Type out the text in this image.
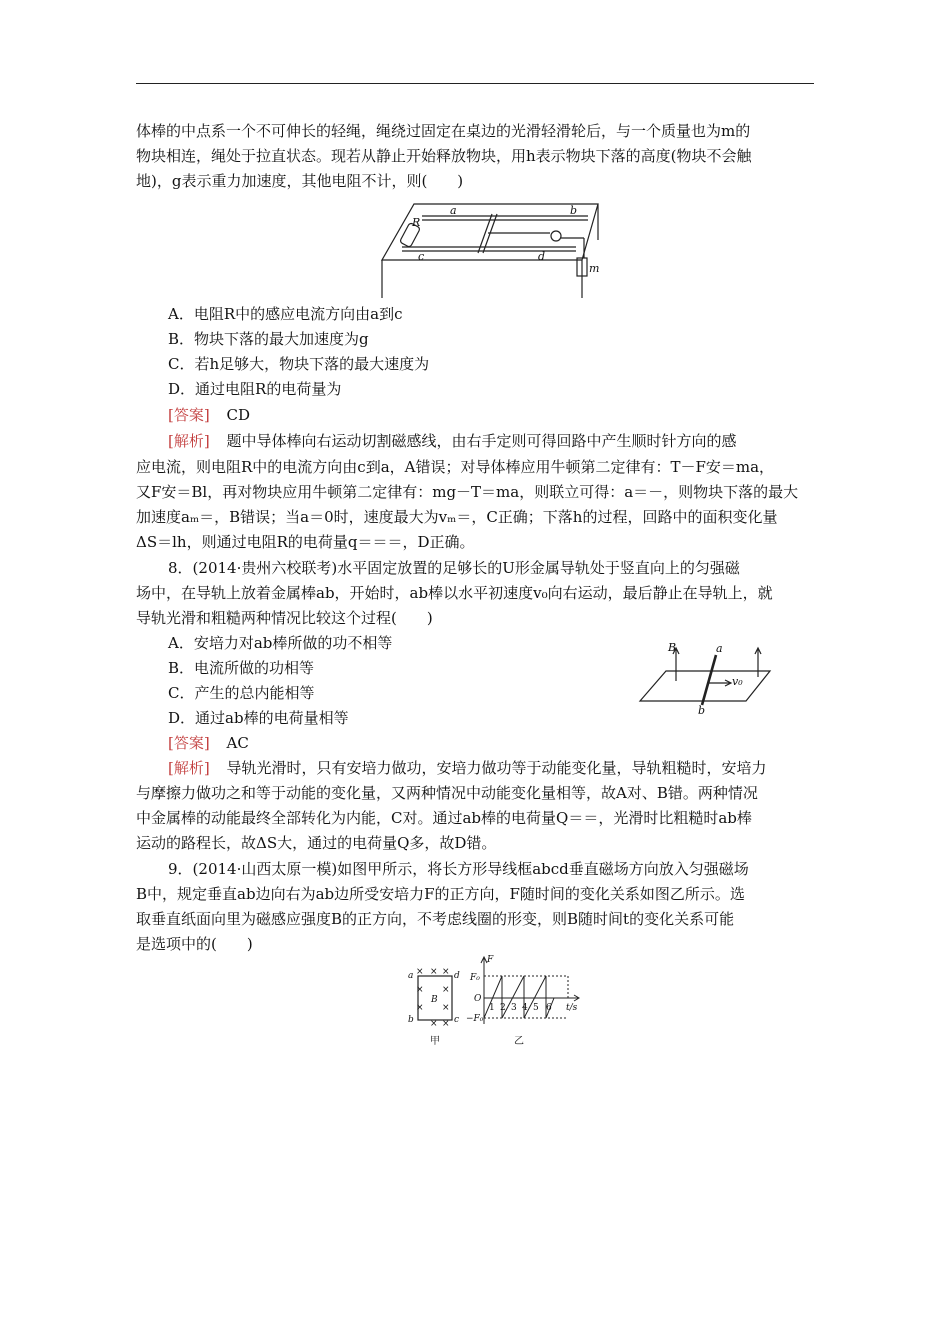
体棒的中点系一个不可伸长的轻绳，绳绕过固定在桌边的光滑轻滑轮后，与一个质量也为m的
物块相连，绳处于拉直状态。现若从静止开始释放物块，用h表示物块下落的高度(物块不会触
地)，g表示重力加速度，其他电阻不计，则(　　)
R
a	b
c	d
m
A．电阻R中的感应电流方向由a到c
B．物块下落的最大加速度为g
C．若h足够大，物块下落的最大速度为
D．通过电阻R的电荷量为
[答案] CD
[解析] 题中导体棒向右运动切割磁感线，由右手定则可得回路中产生顺时针方向的感
应电流，则电阻R中的电流方向由c到a，A错误；对导体棒应用牛顿第二定律有：T－F安＝ma，
又F安＝Bl，再对物块应用牛顿第二定律有：mg－T＝ma，则联立可得：a＝－，则物块下落的最大
加速度aₘ＝，B错误；当a＝0时，速度最大为vₘ＝，C正确；下落h的过程，回路中的面积变化量
ΔS＝lh，则通过电阻R的电荷量q＝＝＝，D正确。
8．(2014·贵州六校联考)水平固定放置的足够长的U形金属导轨处于竖直向上的匀强磁
场中，在导轨上放着金属棒ab，开始时，ab棒以水平初速度v₀向右运动，最后静止在导轨上，就
导轨光滑和粗糙两种情况比较这个过程(　　)
A．安培力对ab棒所做的功不相等
B．电流所做的功相等
C．产生的总内能相等
D．通过ab棒的电荷量相等
B	a
b
v₀
[答案] AC
[解析] 导轨光滑时，只有安培力做功，安培力做功等于动能变化量，导轨粗糙时，安培力
与摩擦力做功之和等于动能的变化量，又两种情况中动能变化量相等，故A对、B错。两种情况
中金属棒的动能最终全部转化为内能，C对。通过ab棒的电荷量Q＝＝，光滑时比粗糙时ab棒
运动的路程长，故ΔS大，通过的电荷量Q多，故D错。
9．(2014·山西太原一模)如图甲所示，将长方形导线框abcd垂直磁场方向放入匀强磁场
B中，规定垂直ab边向右为ab边所受安培力F的正方向，F随时间的变化关系如图乙所示。选
取垂直纸面向里为磁感应强度B的正方向，不考虑线圈的形变，则B随时间t的变化关系可能
是选项中的(　　)
× × ×
× ×
× ×
× ×
a	d
b	c
B
甲
F
F₀
−F₀
O
t/s
1 2 3 4 5 6
乙
